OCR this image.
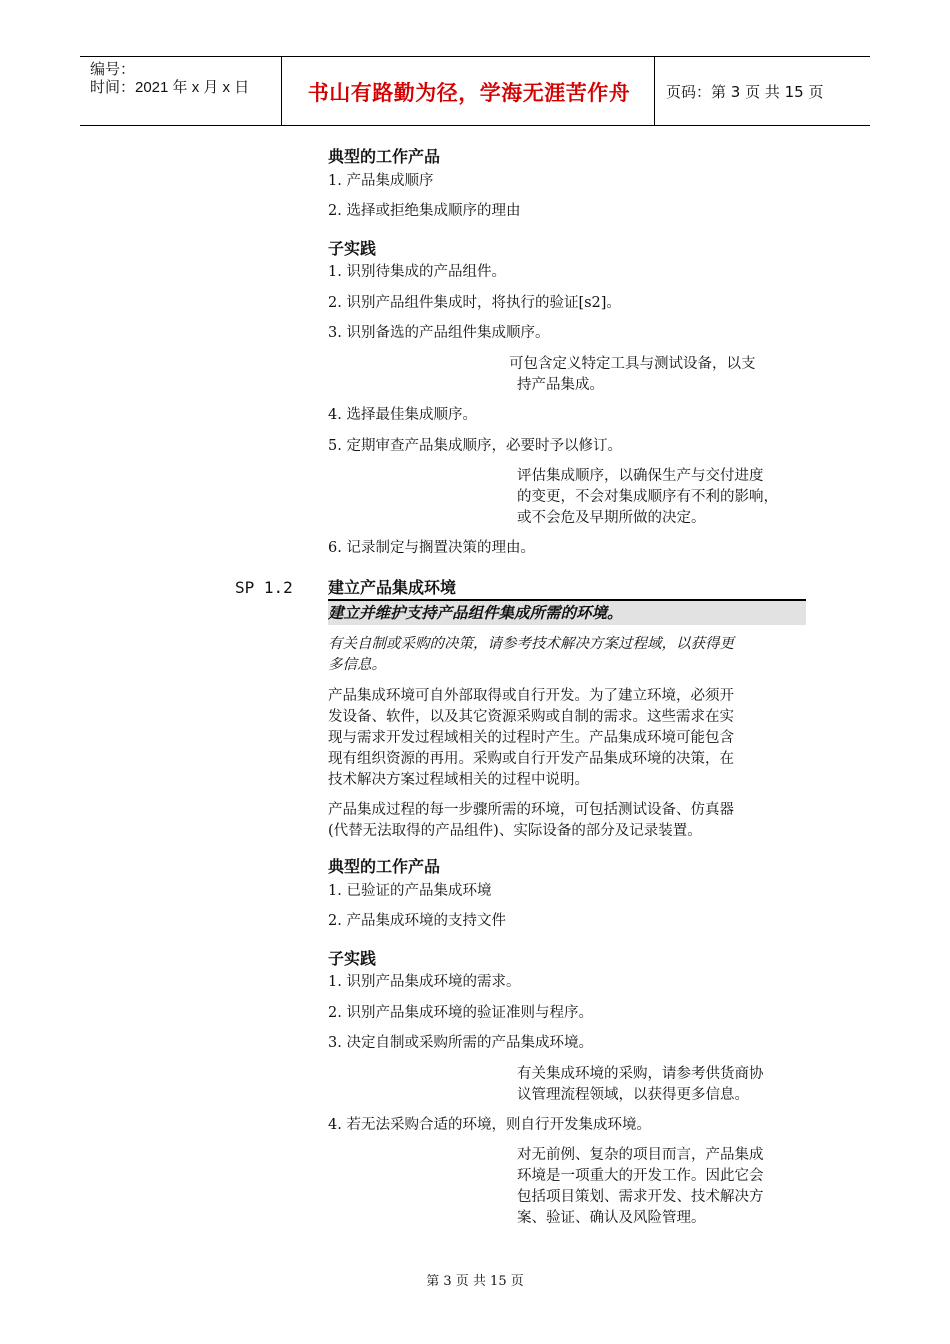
编号：
时间：2021 年 x 月 x 日	书山有路勤为径，学海无涯苦作舟	页码：第 3 页 共 15 页
典型的工作产品
1. 产品集成顺序
2. 选择或拒绝集成顺序的理由
子实践
1. 识别待集成的产品组件。
2. 识别产品组件集成时，将执行的验证[s2]。
3. 识别备选的产品组件集成顺序。
可包含定义特定工具与测试设备，以支
持产品集成。
4. 选择最佳集成顺序。
5. 定期审查产品集成顺序，必要时予以修订。
评估集成顺序，以确保生产与交付进度
的变更，不会对集成顺序有不利的影响，
或不会危及早期所做的决定。
6. 记录制定与搁置决策的理由。
SP 1.2 建立产品集成环境
建立并维护支持产品组件集成所需的环境。
有关自制或采购的决策，请参考技术解决方案过程域，以获得更
多信息。
产品集成环境可自外部取得或自行开发。为了建立环境，必须开
发设备、软件，以及其它资源采购或自制的需求。这些需求在实
现与需求开发过程域相关的过程时产生。产品集成环境可能包含
现有组织资源的再用。采购或自行开发产品集成环境的决策，在
技术解决方案过程域相关的过程中说明。
产品集成过程的每一步骤所需的环境，可包括测试设备、仿真器
(代替无法取得的产品组件)、实际设备的部分及记录装置。
典型的工作产品
1. 已验证的产品集成环境
2. 产品集成环境的支持文件
子实践
1. 识别产品集成环境的需求。
2. 识别产品集成环境的验证准则与程序。
3. 决定自制或采购所需的产品集成环境。
有关集成环境的采购，请参考供货商协
议管理流程领域，以获得更多信息。
4. 若无法采购合适的环境，则自行开发集成环境。
对无前例、复杂的项目而言，产品集成
环境是一项重大的开发工作。因此它会
包括项目策划、需求开发、技术解决方
案、验证、确认及风险管理。
第 3 页 共 15 页
